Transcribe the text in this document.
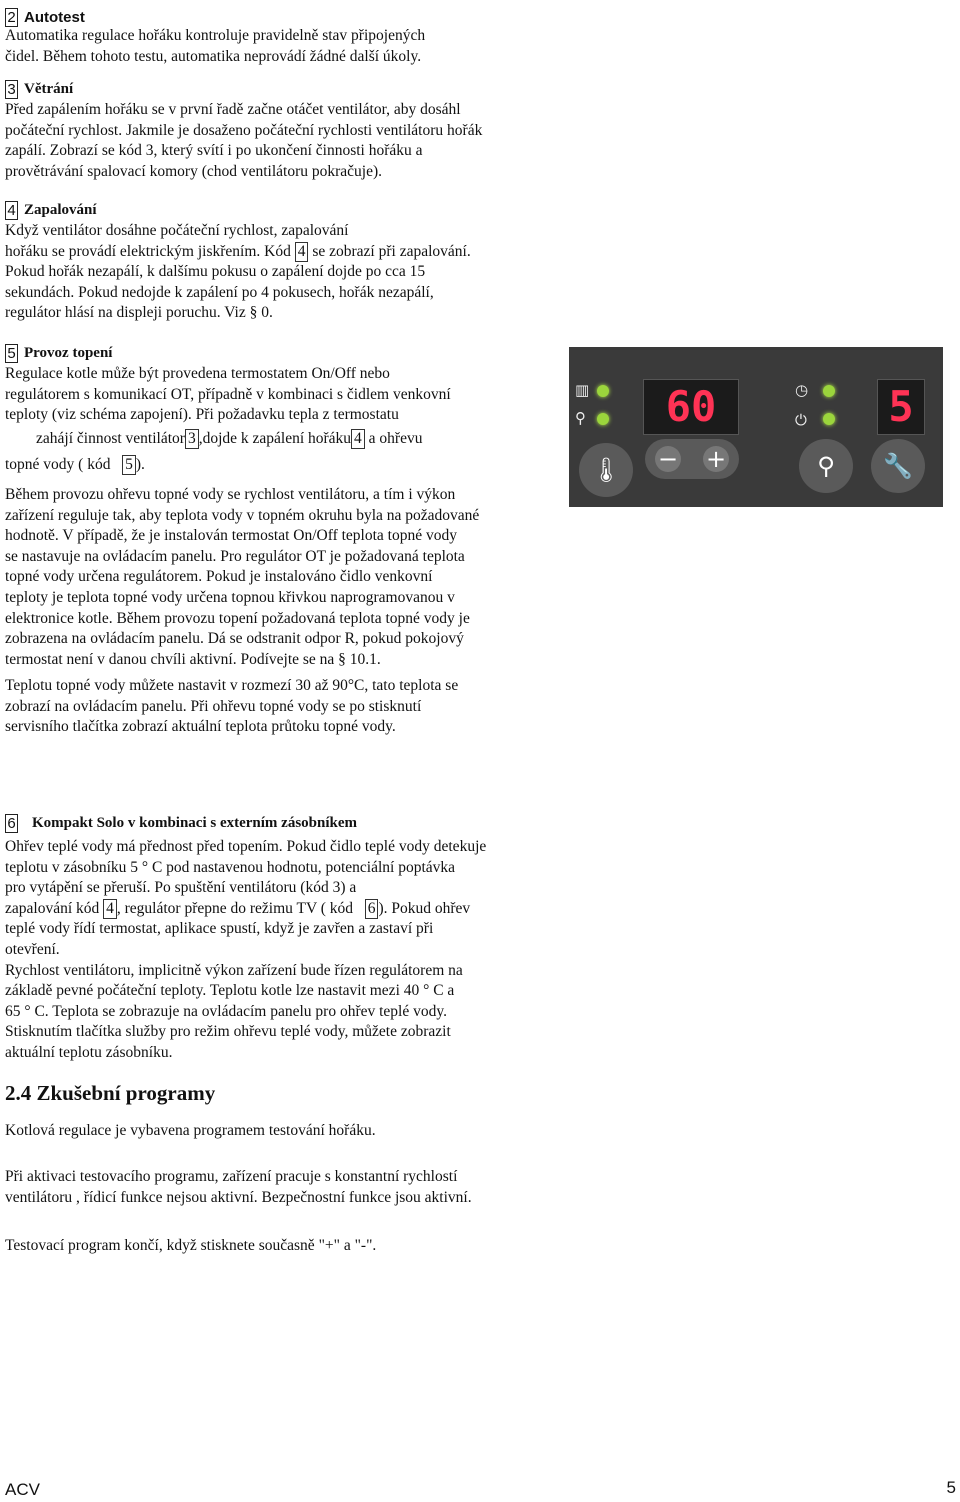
2 Autotest

Automatika regulace hořáku kontroluje pravidelně stav připojených

čidel. Během tohoto testu, automatika neprovádí žádné další úkoly.

3 Větrání

Před zapálením hořáku se v první řadě začne otáčet ventilátor, aby dosáhl

počáteční rychlost. Jakmile je dosaženo počáteční rychlosti ventilátoru hořák

zapálí. Zobrazí se kód 3, který svítí i po ukončení činnosti hořáku a

provětrávání spalovací komory (chod ventilátoru pokračuje).

4 Zapalování

Když ventilátor dosáhne počáteční rychlost, zapalování

hořáku se provádí elektrickým jiskřením. Kód 4 se zobrazí při zapalování.

Pokud hořák nezapálí, k dalšímu pokusu o zapálení dojde po cca 15

sekundách. Pokud nedojde k zapálení po 4 pokusech, hořák nezapálí,

regulátor hlásí na displeji poruchu. Viz § 0.

5 Provoz topení

Regulace kotle může být provedena termostatem On/Off nebo

regulátorem s komunikací OT, případně v kombinaci s čidlem venkovní

teploty (viz schéma zapojení). Při požadavku tepla z termostatu

zahájí činnost ventilátor 3 ,dojde k zapálení hořáku 4 a ohřevu

topné vody ( kód 5 ).

Během provozu ohřevu topné vody se rychlost ventilátoru, a tím i výkon

zařízení reguluje tak, aby teplota vody v topném okruhu byla na požadované

hodnotě. V případě, že je instalován termostat On/Off teplota topné vody

se nastavuje na ovládacím panelu. Pro regulátor OT je požadovaná teplota

topné vody určena regulátorem. Pokud je instalováno čidlo venkovní

teploty je teplota topné vody určena topnou křivkou naprogramovanou v

elektronice kotle. Během provozu topení požadovaná teplota topné vody je

zobrazena na ovládacím panelu. Dá se odstranit odpor R, pokud pokojový

termostat není v danou chvíli aktivní. Podívejte se na § 10.1.

Teplotu topné vody můžete nastavit v rozmezí 30 až 90°C, tato teplota se

zobrazí na ovládacím panelu. Při ohřevu topné vody se po stisknutí

servisního tlačítka zobrazí aktuální teplota průtoku topné vody.

▥
⚲	60	◷
⏻ 5
🌡	− +	⚲	🔧
6 Kompakt Solo v kombinaci s externím zásobníkem

Ohřev teplé vody má přednost před topením. Pokud čidlo teplé vody detekuje

teplotu v zásobníku 5 ° C pod nastavenou hodnotu, potenciální poptávka

pro vytápění se přeruší. Po spuštění ventilátoru (kód 3) a

zapalování kód 4 , regulátor přepne do režimu TV ( kód 6 ). Pokud ohřev

teplé vody řídí termostat, aplikace spustí, když je zavřen a zastaví při

otevření.

Rychlost ventilátoru, implicitně výkon zařízení bude řízen regulátorem na

základě pevné počáteční teploty. Teplotu kotle lze nastavit mezi 40 ° C a

65 ° C. Teplota se zobrazuje na ovládacím panelu pro ohřev teplé vody.

Stisknutím tlačítka služby pro režim ohřevu teplé vody, můžete zobrazit

aktuální teplotu zásobníku.

2.4 Zkušební programy

Kotlová regulace je vybavena programem testování hořáku.

Při aktivaci testovacího programu, zařízení pracuje s konstantní rychlostí

ventilátoru , řídicí funkce nejsou aktivní. Bezpečnostní funkce jsou aktivní.

Testovací program končí, když stisknete současně "+" a "-".

ACV	5
